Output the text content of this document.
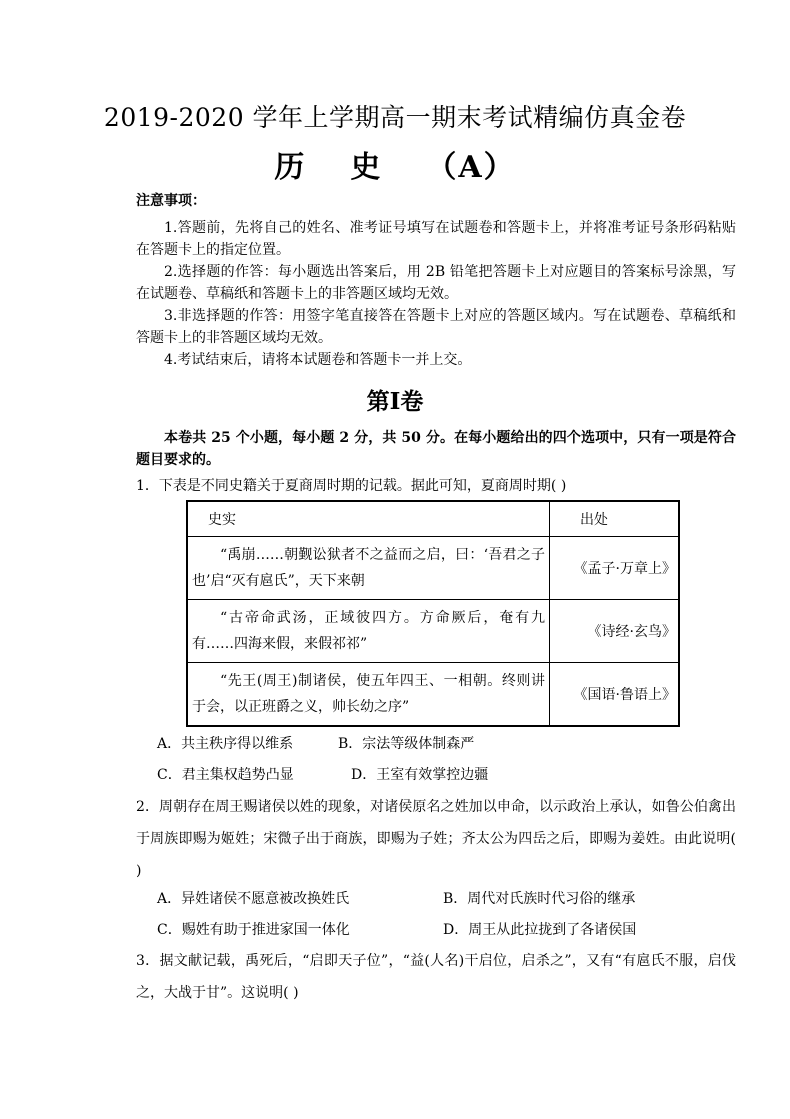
2019-2020 学年上学期高一期末考试精编仿真金卷
历 史 （A）
注意事项：

1.答题前，先将自己的姓名、准考证号填写在试题卷和答题卡上，并将准考证号条形码粘贴在答题卡上的指定位置。

2.选择题的作答：每小题选出答案后，用 2B 铅笔把答题卡上对应题目的答案标号涂黑，写在试题卷、草稿纸和答题卡上的非答题区域均无效。

3.非选择题的作答：用签字笔直接答在答题卡上对应的答题区域内。写在试题卷、草稿纸和答题卡上的非答题区域均无效。

4.考试结束后，请将本试题卷和答题卡一并上交。

第Ⅰ卷

本卷共 25 个小题，每小题 2 分，共 50 分。在每小题给出的四个选项中，只有一项是符合题目要求的。

1．下表是不同史籍关于夏商周时期的记载。据此可知，夏商周时期( )

史实	出处
“禹崩……朝觐讼狱者不之益而之启，曰：‘吾君之子也’启“灭有扈氏”，天下来朝	《孟子·万章上》
“古帝命武汤，正域彼四方。方命厥后，奄有九有……四海来假，来假祁祁”	《诗经·玄鸟》
“先王(周王)制诸侯，使五年四王、一相朝。终则讲于会，以正班爵之义，帅长幼之序”	《国语·鲁语上》
A．共主秩序得以维系	B．宗法等级体制森严
C．君主集权趋势凸显	D．王室有效掌控边疆

2．周朝存在周王赐诸侯以姓的现象，对诸侯原名之姓加以申命，以示政治上承认，如鲁公伯禽出于周族即赐为姬姓；宋微子出于商族，即赐为子姓；齐太公为四岳之后，即赐为姜姓。由此说明( )

A．异姓诸侯不愿意被改换姓氏	B．周代对氏族时代习俗的继承
C．赐姓有助于推进家国一体化	D．周王从此拉拢到了各诸侯国

3．据文献记载，禹死后，“启即天子位”，“益(人名)干启位，启杀之”，又有“有扈氏不服，启伐之，大战于甘”。这说明( )
